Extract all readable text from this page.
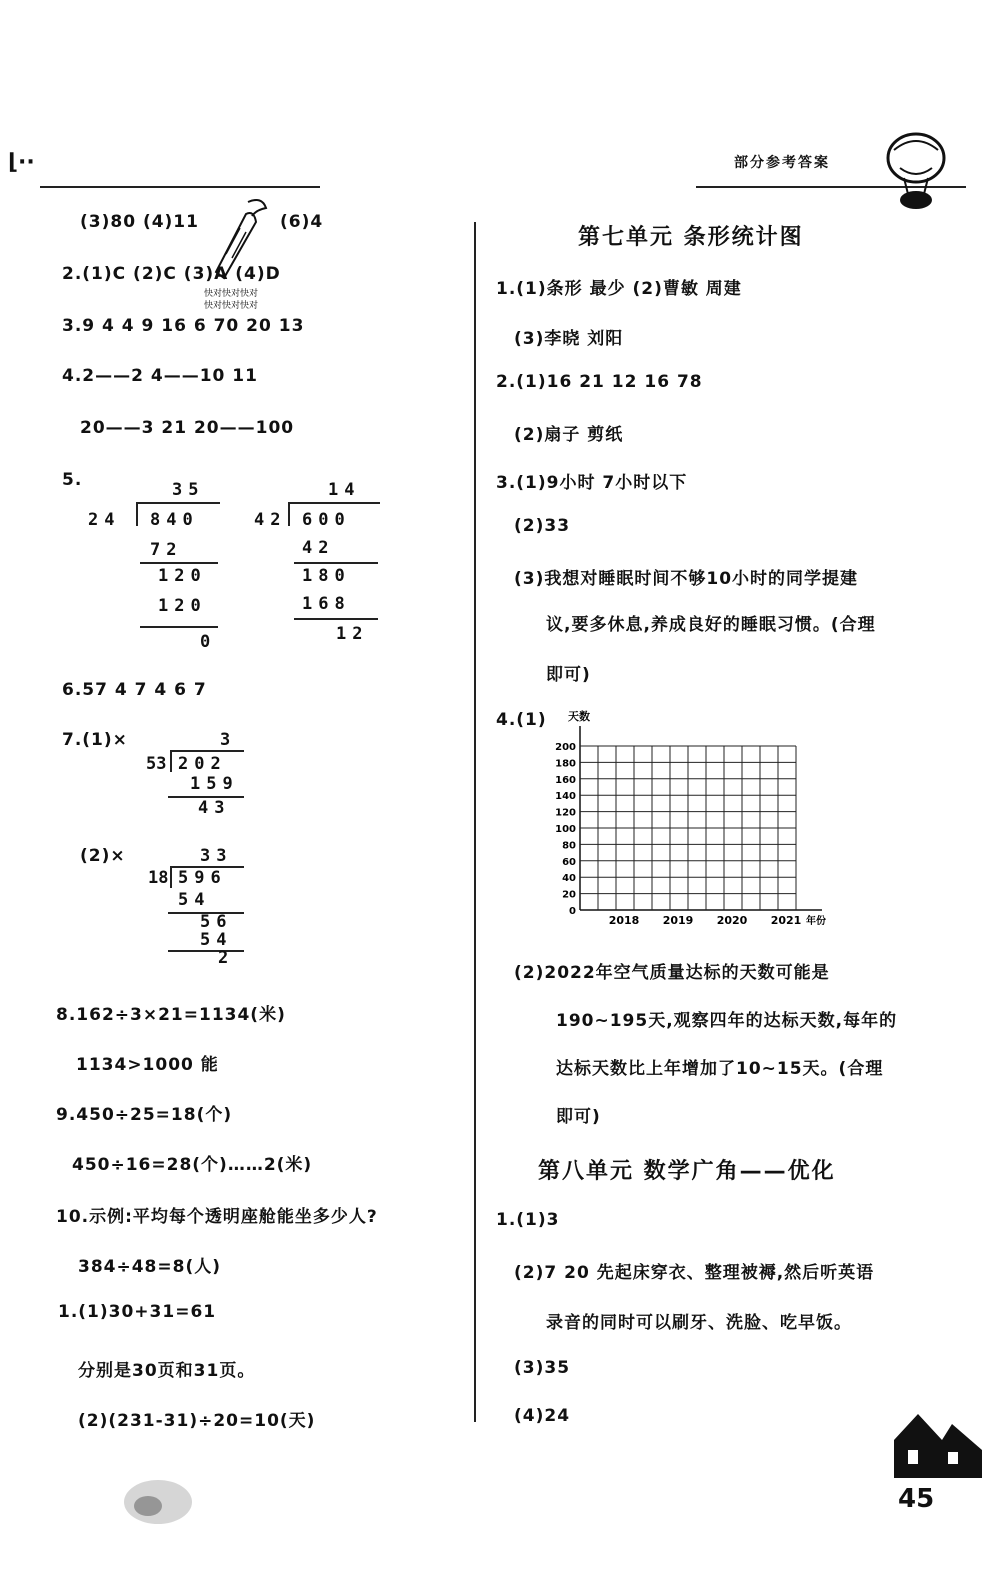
⌊··	部分参考答案
(3)80 (4)11	(6)4
快对快对快对
快对快对快对
2.(1)C (2)C (3)A (4)D
3.9 4 4 9 16 6 70 20 13
4.2——2 4——10 11
20——3 21 20——100
5.	35
24 840
72
120
120
0
14
42 600
42
180
168
12
6.57 4 7 4 6 7
7.(1)×	3
53 202
159
43
(2)×	33
18 596
54
56
54
2
8.162÷3×21=1134(米)
1134>1000 能
9.450÷25=18(个)
450÷16=28(个)……2(米)
10.示例:平均每个透明座舱能坐多少人?
384÷48=8(人)
1.(1)30+31=61
分别是30页和31页。
(2)(231-31)÷20=10(天)
第七单元 条形统计图
1.(1)条形 最少 (2)曹敏 周建
(3)李晓 刘阳
2.(1)16 21 12 16 78
(2)扇子 剪纸
3.(1)9小时 7小时以下
(2)33
(3)我想对睡眠时间不够10小时的同学提建
议,要多休息,养成良好的睡眠习惯。(合理
即可)
4.(1) 天数
0
20
40
60
80
100
120
140
160
180
200
2018 2019 2020 2021 年份
(2)2022年空气质量达标的天数可能是
190~195天,观察四年的达标天数,每年的
达标天数比上年增加了10~15天。(合理
即可)
第八单元 数学广角——优化
1.(1)3
(2)7 20 先起床穿衣、整理被褥,然后听英语
录音的同时可以刷牙、洗脸、吃早饭。
(3)35
(4)24
45
